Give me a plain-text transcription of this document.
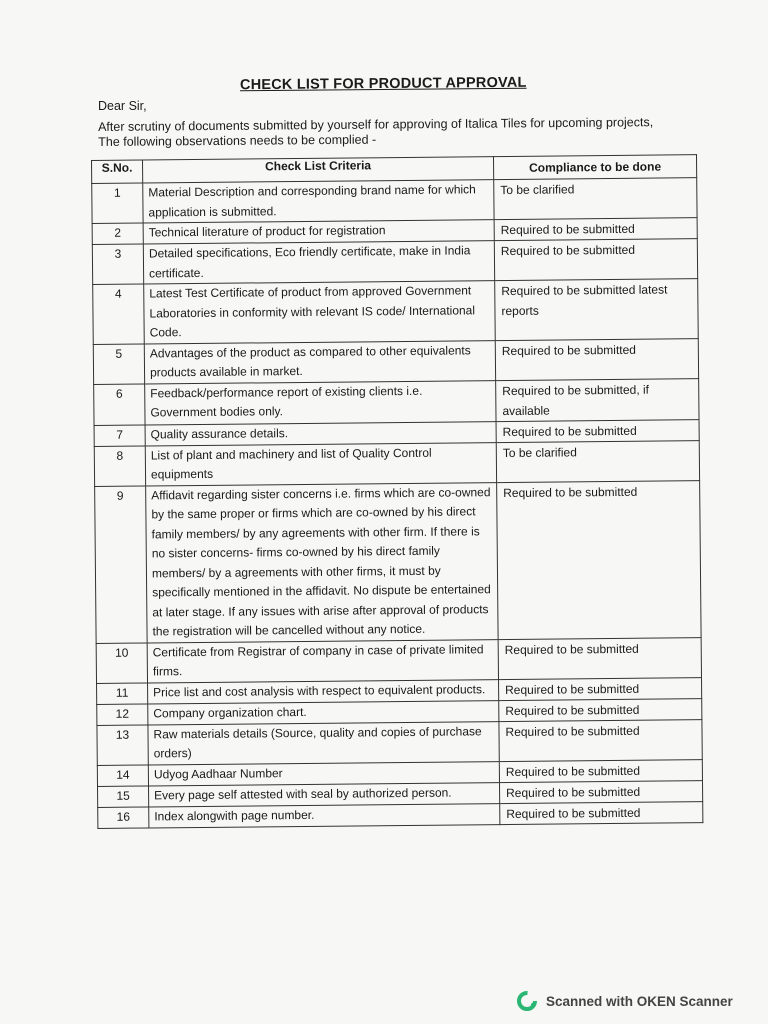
CHECK LIST FOR PRODUCT APPROVAL
Dear Sir,
After scrutiny of documents submitted by yourself for approving of Italica Tiles for upcoming projects,
The following observations needs to be complied -
S.No.	Check List Criteria	Compliance to be done
1	Material Description and corresponding brand name for which application is submitted.	To be clarified
2	Technical literature of product for registration	Required to be submitted
3	Detailed specifications, Eco friendly certificate, make in India certificate.	Required to be submitted
4	Latest Test Certificate of product from approved Government Laboratories in conformity with relevant IS code/ International Code.	Required to be submitted latest reports
5	Advantages of the product as compared to other equivalents products available in market.	Required to be submitted
6	Feedback/performance report of existing clients i.e. Government bodies only.	Required to be submitted, if available
7	Quality assurance details.	Required to be submitted
8	List of plant and machinery and list of Quality Control equipments	To be clarified
9	Affidavit regarding sister concerns i.e. firms which are co-owned by the same proper or firms which are co-owned by his direct family members/ by any agreements with other firm. If there is no sister concerns- firms co-owned by his direct family members/ by a agreements with other firms, it must by specifically mentioned in the affidavit. No dispute be entertained at later stage. If any issues with arise after approval of products the registration will be cancelled without any notice.	Required to be submitted
10	Certificate from Registrar of company in case of private limited firms.	Required to be submitted
11	Price list and cost analysis with respect to equivalent products.	Required to be submitted
12	Company organization chart.	Required to be submitted
13	Raw materials details (Source, quality and copies of purchase orders)	Required to be submitted
14	Udyog Aadhaar Number	Required to be submitted
15	Every page self attested with seal by authorized person.	Required to be submitted
16	Index alongwith page number.	Required to be submitted
Scanned with OKEN Scanner
